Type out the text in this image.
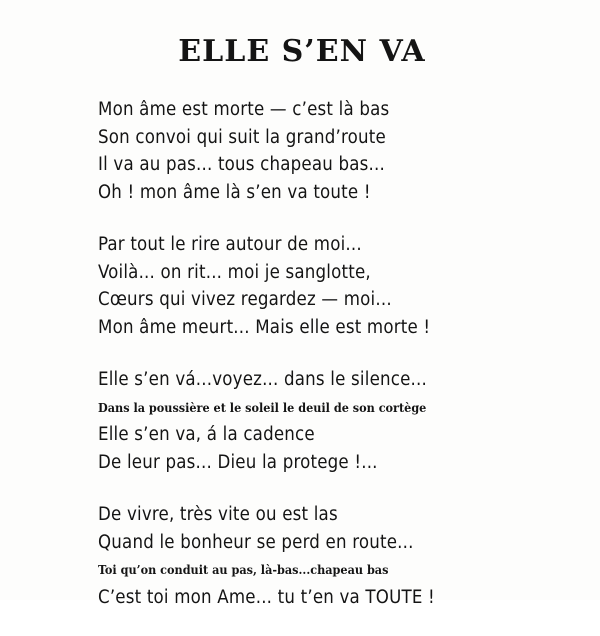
ELLE S’EN VA
Mon âme est morte — c’est là bas
Son convoi qui suit la grand’route
Il va au pas... tous chapeau bas...
Oh ! mon âme là s’en va toute !
Par tout le rire autour de moi...
Voilà... on rit... moi je sanglotte,
Cœurs qui vivez regardez — moi...
Mon âme meurt... Mais elle est morte !
Elle s’en vá...voyez... dans le silence...
Dans la poussière et le soleil le deuil de son cortège
Elle s’en va, á la cadence
De leur pas... Dieu la protege !...
De vivre, très vite ou est las
Quand le bonheur se perd en route...
Toi qu’on conduit au pas, là-bas...chapeau bas
C’est toi mon Ame... tu t’en va TOUTE !
